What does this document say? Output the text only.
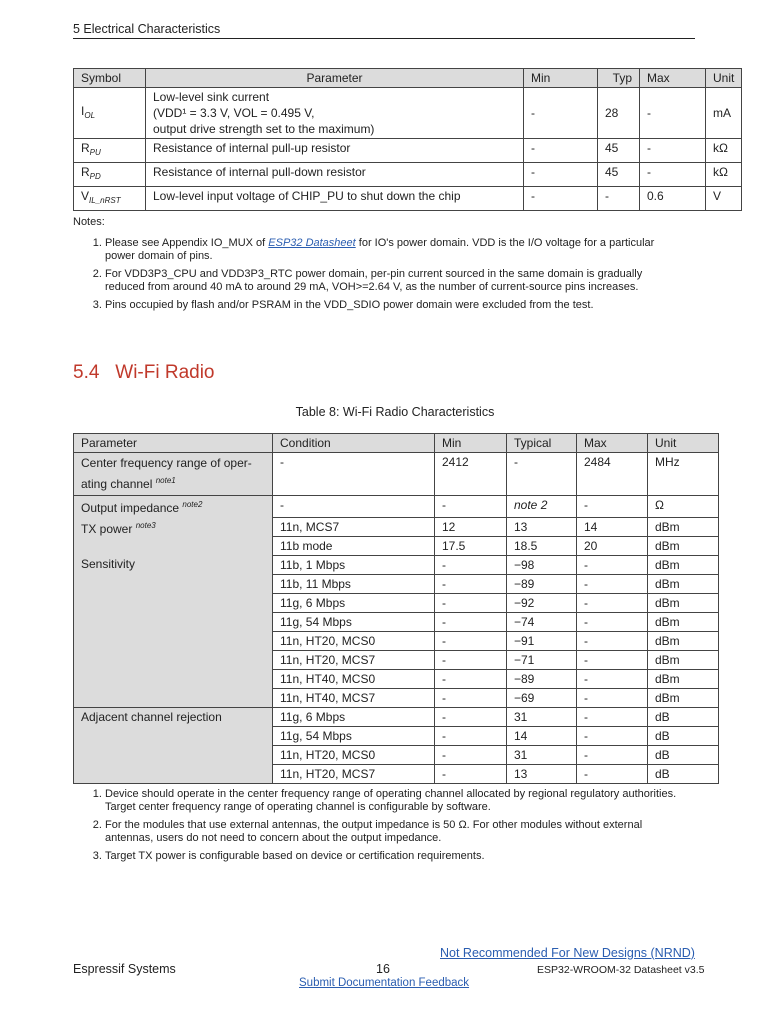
5 Electrical Characteristics
Symbol	Parameter	Min	Typ	Max	Unit
$I_{OL}$	Low-level sink current
(VDD¹ = 3.3 V, VOL = 0.495 V,
output drive strength set to the maximum)	-	28	-	mA
$R_{PU}$	Resistance of internal pull-up resistor	-	45	-	kΩ
$R_{PD}$	Resistance of internal pull-down resistor	-	45	-	kΩ
$V_{IL\_nRST}$	Low-level input voltage of CHIP_PU to shut down the chip	-	-	0.6	V
Notes:
1. Please see Appendix IO_MUX of ESP32 Datasheet for IO's power domain. VDD is the I/O voltage for a particular power domain of pins.
2. For VDD3P3_CPU and VDD3P3_RTC power domain, per-pin current sourced in the same domain is gradually reduced from around 40 mA to around 29 mA, VOH>=2.64 V, as the number of current-source pins increases.
3. Pins occupied by flash and/or PSRAM in the VDD_SDIO power domain were excluded from the test.
5.4 Wi-Fi Radio
Table 8: Wi-Fi Radio Characteristics
Parameter	Condition	Min	Typical	Max	Unit

Center frequency range of oper-
ating channel $^{note1}$	-	2412	-	2484	MHz
Output impedance $^{note2}$	-	-	note 2	-	Ω
TX power $^{note3}$	11n, MCS7	12	13	14	dBm
	11b mode	17.5	18.5	20	dBm
Sensitivity	11b, 1 Mbps	-	−98	-	dBm
	11b, 11 Mbps	-	−89	-	dBm
	11g, 6 Mbps	-	−92	-	dBm
	11g, 54 Mbps	-	−74	-	dBm
	11n, HT20, MCS0	-	−91	-	dBm
	11n, HT20, MCS7	-	−71	-	dBm
	11n, HT40, MCS0	-	−89	-	dBm
	11n, HT40, MCS7	-	−69	-	dBm
Adjacent channel rejection	11g, 6 Mbps	-	31	-	dB
	11g, 54 Mbps	-	14	-	dB
	11n, HT20, MCS0	-	31	-	dB
	11n, HT20, MCS7	-	13	-	dB
1. Device should operate in the center frequency range of operating channel allocated by regional regulatory authorities. Target center frequency range of operating channel is configurable by software.
2. For the modules that use external antennas, the output impedance is 50 Ω. For other modules without external antennas, users do not need to concern about the output impedance.
3. Target TX power is configurable based on device or certification requirements.
Not Recommended For New Designs (NRND)
Espressif Systems	16	ESP32-WROOM-32 Datasheet v3.5
Submit Documentation Feedback
